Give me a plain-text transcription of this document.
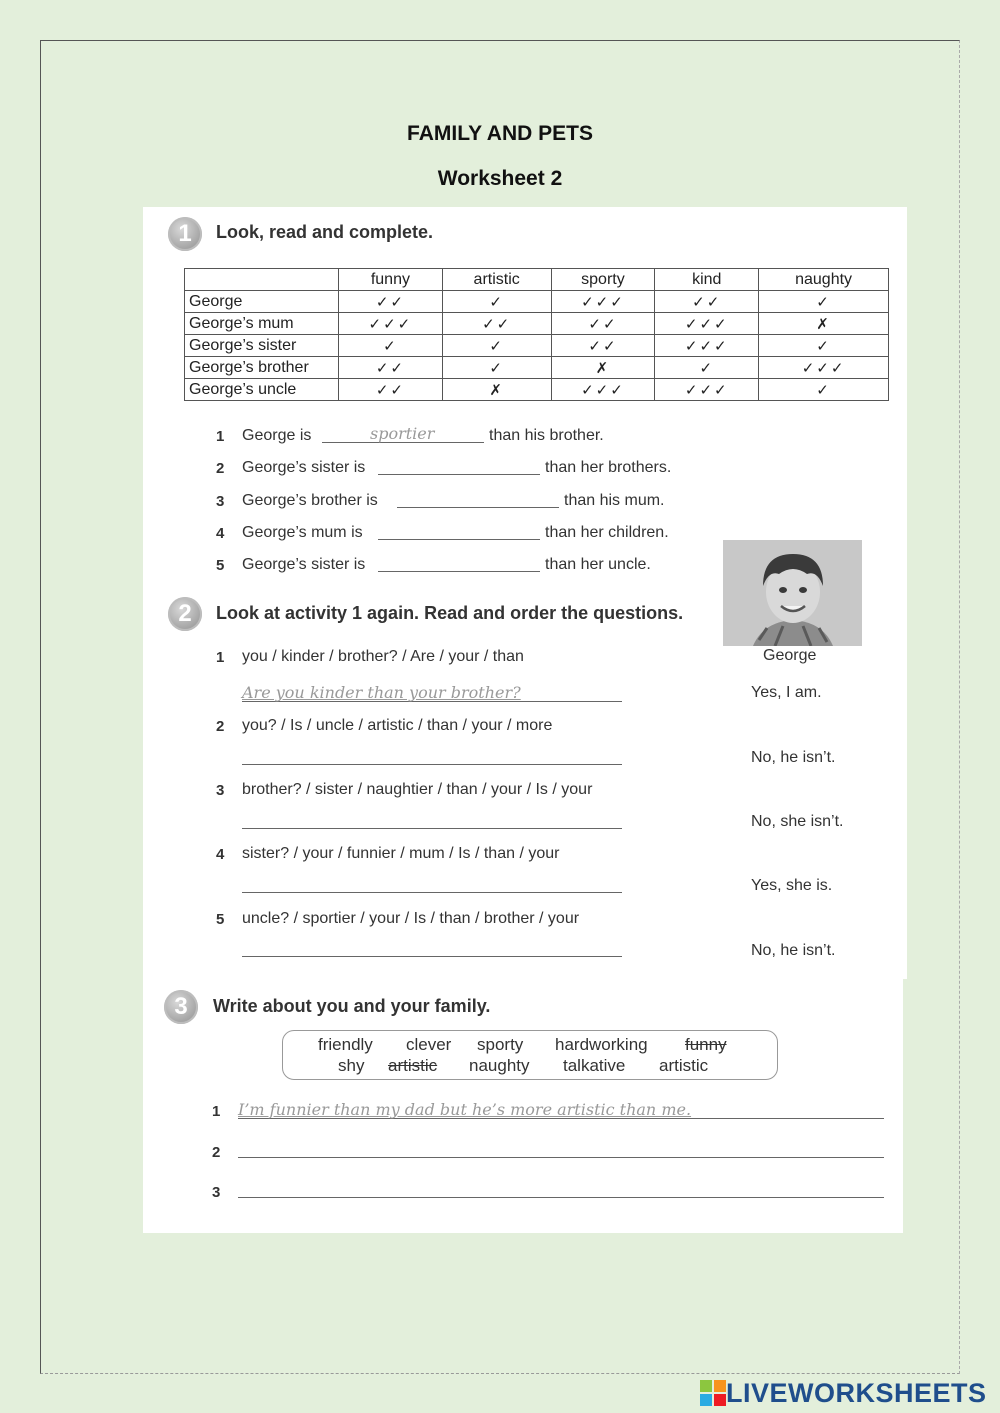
FAMILY AND PETS
Worksheet 2
1	Look, read and complete.
	funny	artistic	sporty	kind	naughty
George	✓✓	✓	✓✓✓	✓✓	✓
George’s mum	✓✓✓	✓✓	✓✓	✓✓✓	✗
George’s sister	✓	✓	✓✓	✓✓✓	✓
George’s brother	✓✓	✓	✗	✓	✓✓✓
George’s uncle	✓✓	✗	✓✓✓	✓✓✓	✓
1 George is	sportier	than his brother.
2 George’s sister is	than her brothers.
3 George’s brother is	than his mum.
4 George’s mum is	than her children.
5 George’s sister is	than her uncle.
George
2	Look at activity 1 again. Read and order the questions.
1 you / kinder / brother? / Are / your / than
Are you kinder than your brother?	Yes, I am.
2 you? / Is / uncle / artistic / than / your / more
No, he isn’t.
3 brother? / sister / naughtier / than / your / Is / your
No, she isn’t.
4 sister? / your / funnier / mum / Is / than / your
Yes, she is.
5 uncle? / sportier / your / Is / than / brother / your
No, he isn’t.
3	Write about you and your family.
friendly clever sporty hardworking funny
shy artistic naughty talkative artistic
1 I’m funnier than my dad but he’s more artistic than me.
2
3
LIVEWORKSHEETS
